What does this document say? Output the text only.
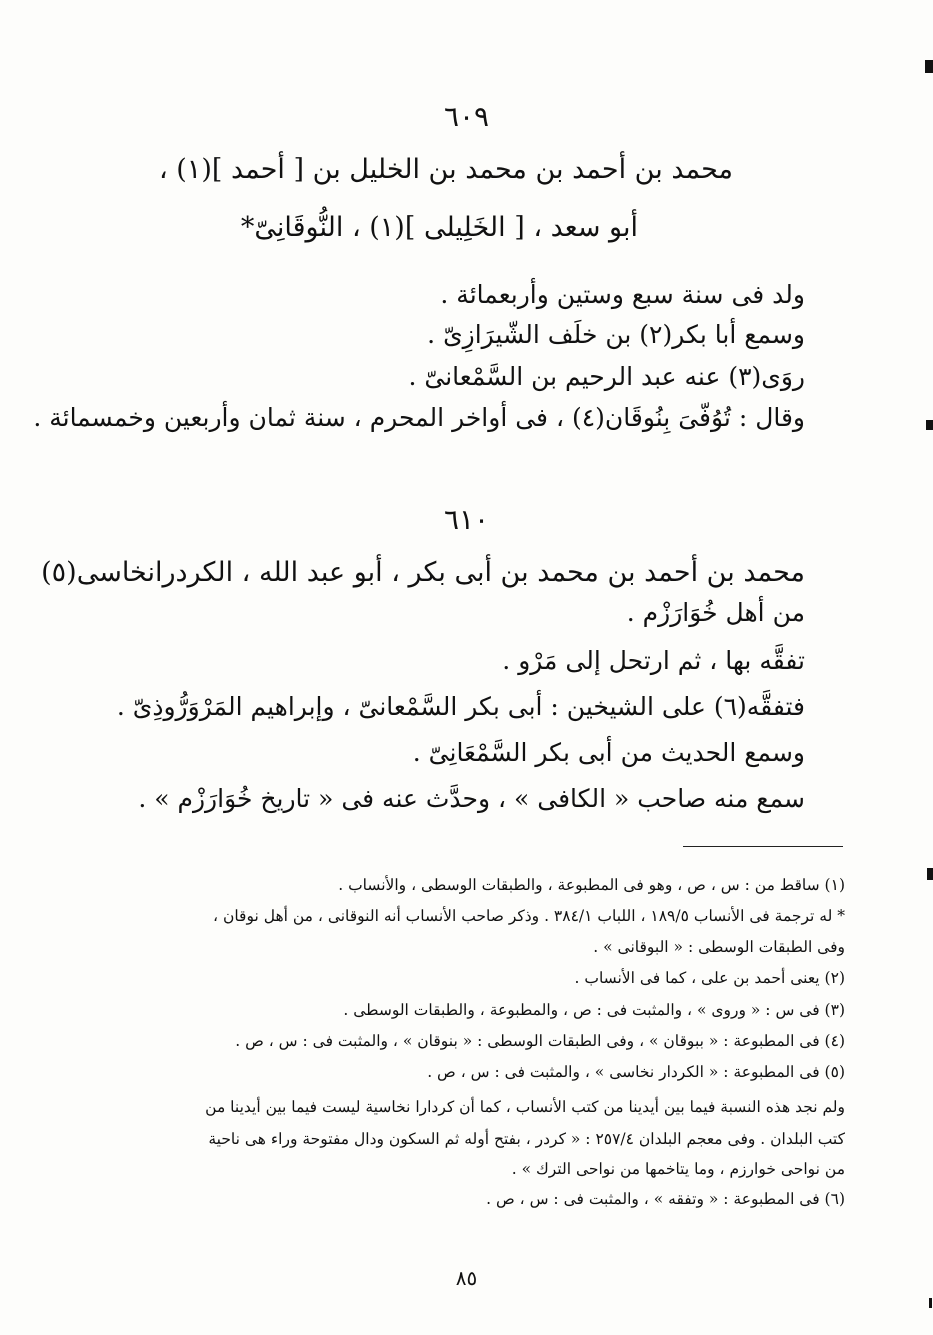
٦٠٩
محمد بن أحمد بن محمد بن الخليل بن [ أحمد ](١) ،
أبو سعد ، [ الخَلِيلى ](١) ، النُّوقَانِىّ*
ولد فى سنة سبع وستين وأربعمائة .
وسمع أبا بكر(٢) بن خلَف الشّيرَازِىّ .
روَى(٣) عنه عبد الرحيم بن السَّمْعانىّ .
وقال : تُوُفّىَ بِنُوقَان(٤) ، فى أواخر المحرم ، سنة ثمان وأربعين وخمسمائة .
٦١٠
محمد بن أحمد بن محمد بن أبى بكر ، أبو عبد الله ، الكردرانخاسى(٥)
من أهل خُوَارَزْم .
تفقَّه بها ، ثم ارتحل إلى مَرْو .
فتفقَّه(٦) على الشيخين : أبى بكر السَّمْعانىّ ، وإبراهيم المَرْوَرُّوذِىّ .
وسمع الحديث من أبى بكر السَّمْعَانِىّ .
سمع منه صاحب « الكافى » ، وحدَّث عنه فى « تاريخ خُوَارَزْم » .
(١) ساقط من : س ، ص ، وهو فى المطبوعة ، والطبقات الوسطى ، والأنساب .
* له ترجمة فى الأنساب ١٨٩/٥ ، اللباب ٣٨٤/١ . وذكر صاحب الأنساب أنه النوقانى ، من أهل نوقان ،
وفى الطبقات الوسطى : « البوقانى » .
(٢) يعنى أحمد بن على ، كما فى الأنساب .
(٣) فى س : « وروى » ، والمثبت فى : ص ، والمطبوعة ، والطبقات الوسطى .
(٤) فى المطبوعة : « ببوقان » ، وفى الطبقات الوسطى : « بنوقان » ، والمثبت فى : س ، ص .
(٥) فى المطبوعة : « الكردار نخاسى » ، والمثبت فى : س ، ص .
ولم نجد هذه النسبة فيما بين أيدينا من كتب الأنساب ، كما أن كردارا نخاسية ليست فيما بين أيدينا من
كتب البلدان . وفى معجم البلدان ٢٥٧/٤ : « كردر ، بفتح أوله ثم السكون ودال مفتوحة وراء هى ناحية
من نواحى خوارزم ، وما يتاخمها من نواحى الترك » .
(٦) فى المطبوعة : « وتفقه » ، والمثبت فى : س ، ص .
٨٥
